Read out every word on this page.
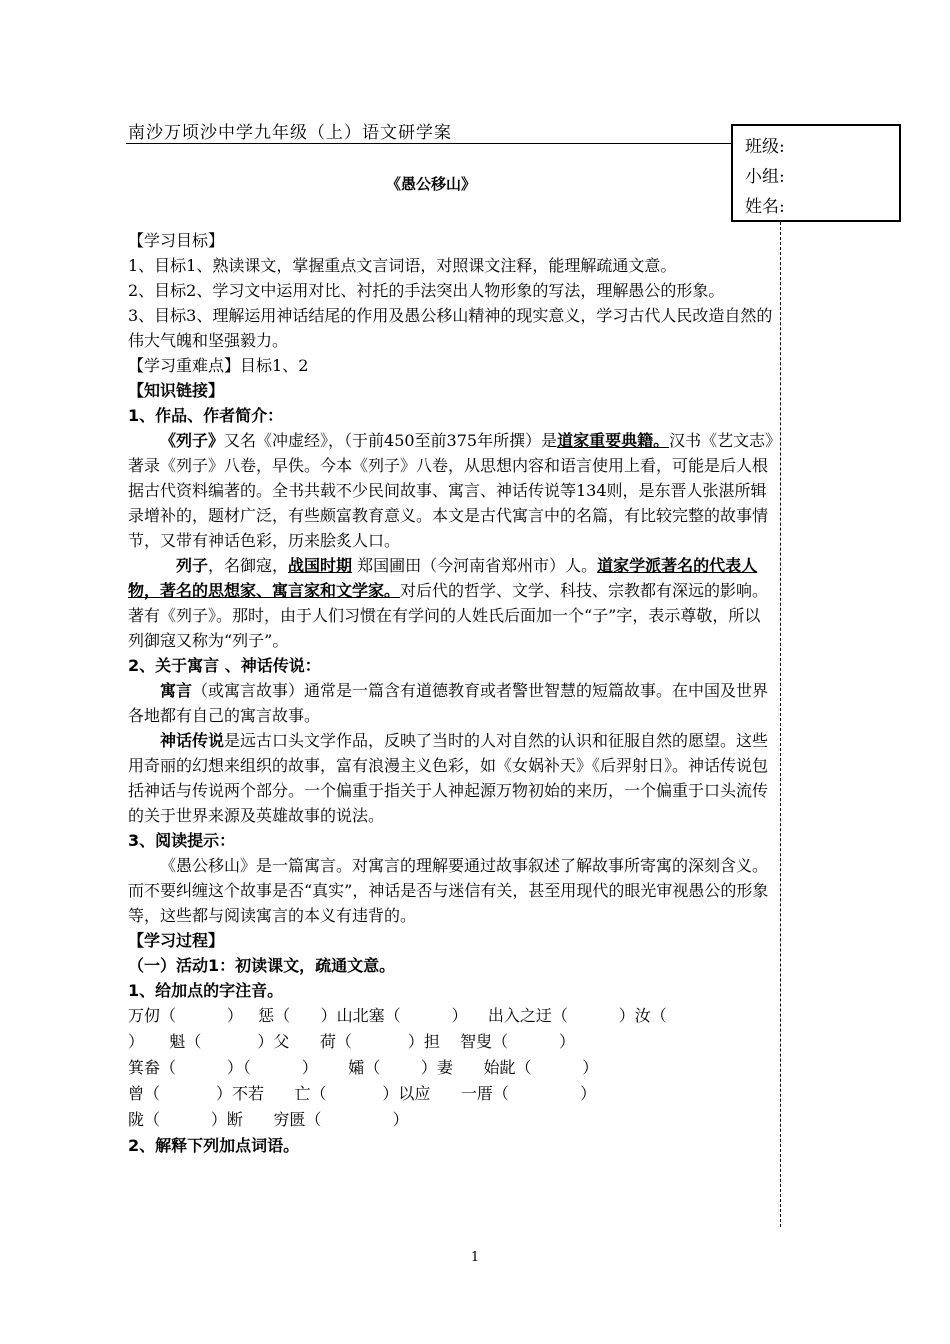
南沙万顷沙中学九年级（上）语文研学案
班级:
小组:
姓名:
《愚公移山》

【学习目标】

1、目标1、熟读课文，掌握重点文言词语，对照课文注释，能理解疏通文意。

2、目标2、学习文中运用对比、衬托的手法突出人物形象的写法，理解愚公的形象。

3、目标3、理解运用神话结尾的作用及愚公移山精神的现实意义，学习古代人民改造自然的伟大气魄和坚强毅力。

【学习重难点】目标1、2

【知识链接】

1、作品、作者简介：

《列子》又名《冲虚经》，（于前450至前375年所撰）是道家重要典籍。汉书《艺文志》著录《列子》八卷，早佚。今本《列子》八卷，从思想内容和语言使用上看，可能是后人根据古代资料编著的。全书共载不少民间故事、寓言、神话传说等134则，是东晋人张湛所辑录增补的，题材广泛，有些颇富教育意义。本文是古代寓言中的名篇，有比较完整的故事情节，又带有神话色彩，历来脍炙人口。

列子，名御寇，战国时期 郑国圃田（今河南省郑州市）人。道家学派著名的代表人物，著名的思想家、寓言家和文学家。对后代的哲学、文学、科技、宗教都有深远的影响。著有《列子》。那时，由于人们习惯在有学问的人姓氏后面加一个“子”字，表示尊敬，所以列御寇又称为“列子”。

2、关于寓言 、神话传说：

寓言（或寓言故事）通常是一篇含有道德教育或者警世智慧的短篇故事。在中国及世界各地都有自己的寓言故事。

神话传说是远古口头文学作品，反映了当时的人对自然的认识和征服自然的愿望。这些用奇丽的幻想来组织的故事，富有浪漫主义色彩，如《女娲补天》《后羿射日》。神话传说包括神话与传说两个部分。一个偏重于指关于人神起源万物初始的来历，一个偏重于口头流传的关于世界来源及英雄故事的说法。

3、阅读提示：

《愚公移山》是一篇寓言。对寓言的理解要通过故事叙述了解故事所寄寓的深刻含义。而不要纠缠这个故事是否“真实”，神话是否与迷信有关，甚至用现代的眼光审视愚公的形象等，这些都与阅读寓言的本义有违背的。

【学习过程】

（一）活动1：初读课文，疏通文意。

1、给加点的字注音。

万仞（          ）   惩（      ）山北塞（          ）    出入之迂（          ）汝（

）     魁（           ）父      荷（           ）担    智叟（          ）

箕畚（          ）（          ）      孀（        ）妻      始龀（          ）

曾（           ）不若      亡（           ）以应      一厝（              ）

陇（          ）断      穷匮（              ）

2、解释下列加点词语。

1
